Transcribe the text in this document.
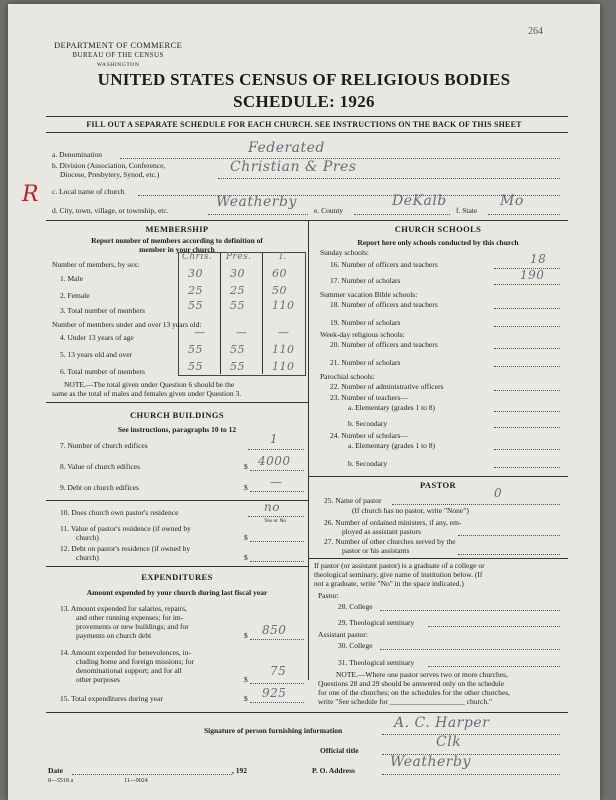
264
DEPARTMENT OF COMMERCE
BUREAU OF THE CENSUS
WASHINGTON
UNITED STATES CENSUS OF RELIGIOUS BODIES
SCHEDULE: 1926
FILL OUT A SEPARATE SCHEDULE FOR EACH CHURCH. SEE INSTRUCTIONS ON THE BACK OF THIS SHEET
a. Denomination	Federated
b. Division (Association, Conference,
Diocese, Presbytery, Synod, etc.)	Christian & Pres
R c. Local name of church
d. City, town, village, or township, etc.
Weatherby
e. County
DeKalb
f. State
Mo
MEMBERSHIP
Report number of members according to definition of
member in your church
Chris. Pres.	T.
Number of members, by sex:
1. Male	30 30 60
2. Female	25 25 50
3. Total number of members	55 55 110
Number of members under and over 13 years old:
4. Under 13 years of age	—	—	—
5. 13 years old and over	55 55 110
6. Total number of members	55 55 110
NOTE.—The total given under Question 6 should be the
same as the total of males and females given under Question 3.
CHURCH BUILDINGS
See instructions, paragraphs 10 to 12
7. Number of church edifices	1
8. Value of church edifices	$ 4000
9. Debt on church edifices	$ —
10. Does church own pastor's residence	no
Yes or No
11. Value of pastor's residence (if owned by
church)	$
12. Debt on pastor's residence (if owned by
church)	$
EXPENDITURES
Amount expended by your church during last fiscal year
13. Amount expended for salaries, repairs,
and other running expenses; for im-
provements or new buildings; and for
payments on church debt	$ 850
14. Amount expended for benevolences, in-
cluding home and foreign missions; for
denominational support; and for all
other purposes	$
75
15. Total expenditures during year	$ 925
CHURCH SCHOOLS
Report here only schools conducted by this church
Sunday schools:
16. Number of officers and teachers	18
17. Number of scholars	190
Summer vacation Bible schools:
18. Number of officers and teachers
19. Number of scholars
Week-day religious schools:
20. Number of officers and teachers
21. Number of scholars
Parochial schools:
22. Number of administrative officers
23. Number of teachers—
a. Elementary (grades 1 to 8)
b. Secondary
24. Number of scholars—
a. Elementary (grades 1 to 8)
b. Secondary
PASTOR
25. Name of pastor
0
(If church has no pastor, write "None")
26. Number of ordained ministers, if any, em-
ployed as assistant pastors
27. Number of other churches served by the
pastor or his assistants
If pastor (or assistant pastor) is a graduate of a college or
theological seminary, give name of institution below. (If
not a graduate, write "No" in the space indicated.)
Pastor:
28. College
29. Theological seminary
Assistant pastor:
30. College
31. Theological seminary
NOTE.—Where one pastor serves two or more churches,
Questions 28 and 29 should be answered only on the schedule
for one of the churches; on the schedules for the other churches,
write "See schedule for ____________________ church."
Signature of person furnishing information	A. C. Harper
Official title
Clk
Date	, 192	P. O. Address
Weatherby
8—5518 a	11—9024
